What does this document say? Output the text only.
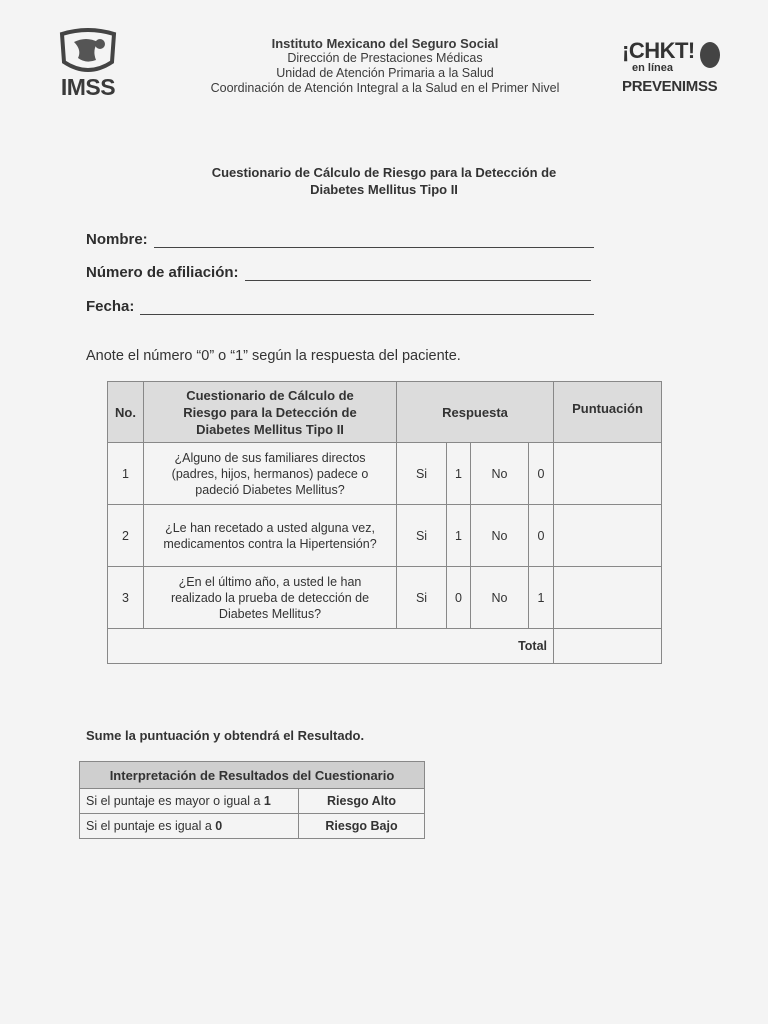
IMSS
Instituto Mexicano del Seguro Social
Dirección de Prestaciones Médicas
Unidad de Atención Primaria a la Salud
Coordinación de Atención Integral a la Salud en el Primer Nivel
¡CHKT!
en línea
PREVENIMSS
Cuestionario de Cálculo de Riesgo para la Detección de
Diabetes Mellitus Tipo II
Nombre:
Número de afiliación:
Fecha:
Anote el número “0” o “1” según la respuesta del paciente.
No.	Cuestionario de Cálculo de
Riesgo para la Detección de
Diabetes Mellitus Tipo II	Respuesta				Puntuación
1	¿Alguno de sus familiares directos
(padres, hijos, hermanos) padece o
padeció Diabetes Mellitus?	Si	1	No	0	
2	¿Le han recetado a usted alguna vez,
medicamentos contra la Hipertensión?	Si	1	No	0	
3	¿En el último año, a usted le han
realizado la prueba de detección de
Diabetes Mellitus?	Si	0	No	1	
Total						
Sume la puntuación y obtendrá el Resultado.
Interpretación de Resultados del Cuestionario	
Si el puntaje es mayor o igual a 1	Riesgo Alto
Si el puntaje es igual a 0	Riesgo Bajo
